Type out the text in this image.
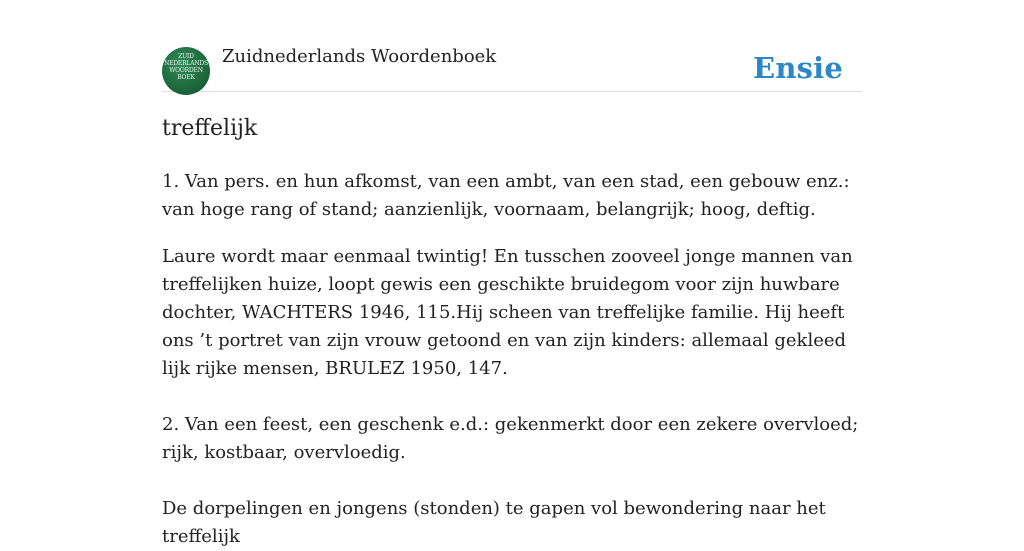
ZUID
NEDERLANDS
WOORDEN
BOEK
Zuidnederlands Woordenboek	Ensie
treffelijk

1. Van pers. en hun afkomst, van een ambt, van een stad, een gebouw enz.: van hoge rang of stand; aanzienlijk, voornaam, belangrijk; hoog, deftig.

Laure wordt maar eenmaal twintig! En tusschen zooveel jonge mannen van treffelijken huize, loopt gewis een geschikte bruidegom voor zijn huwbare dochter, WACHTERS 1946, 115.Hij scheen van treffelijke familie. Hij heeft ons ’t portret van zijn vrouw getoond en van zijn kinders: allemaal gekleed lijk rijke mensen, BRULEZ 1950, 147.

2. Van een feest, een geschenk e.d.: gekenmerkt door een zekere overvloed; rijk, kostbaar, overvloedig.

De dorpelingen en jongens (stonden) te gapen vol bewondering naar het treffelijk
